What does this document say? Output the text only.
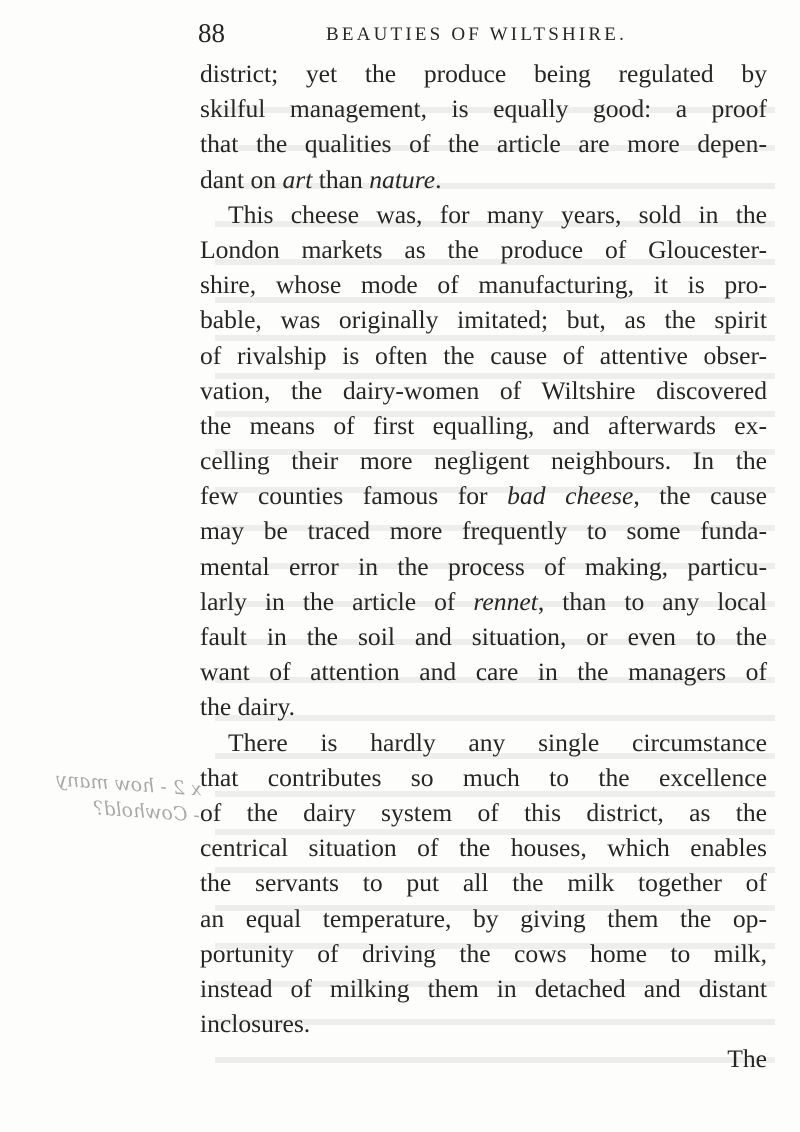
88	BEAUTIES OF WILTSHIRE.
district; yet the produce being regulated by
skilful management, is equally good: a proof
that the qualities of the article are more depen-
dant on art than nature.
This cheese was, for many years, sold in the
London markets as the produce of Gloucester-
shire, whose mode of manufacturing, it is pro-
bable, was originally imitated; but, as the spirit
of rivalship is often the cause of attentive obser-
vation, the dairy-women of Wiltshire discovered
the means of first equalling, and afterwards ex-
celling their more negligent neighbours. In the
few counties famous for bad cheese, the cause
may be traced more frequently to some funda-
mental error in the process of making, particu-
larly in the article of rennet, than to any local
fault in the soil and situation, or even to the
want of attention and care in the managers of
the dairy.
There is hardly any single circumstance
that contributes so much to the excellence
of the dairy system of this district, as the
centrical situation of the houses, which enables
the servants to put all the milk together of
an equal temperature, by giving them the op-
portunity of driving the cows home to milk,
instead of milking them in detached and distant
inclosures.
The
x 2 - how many
- Cowhold?
